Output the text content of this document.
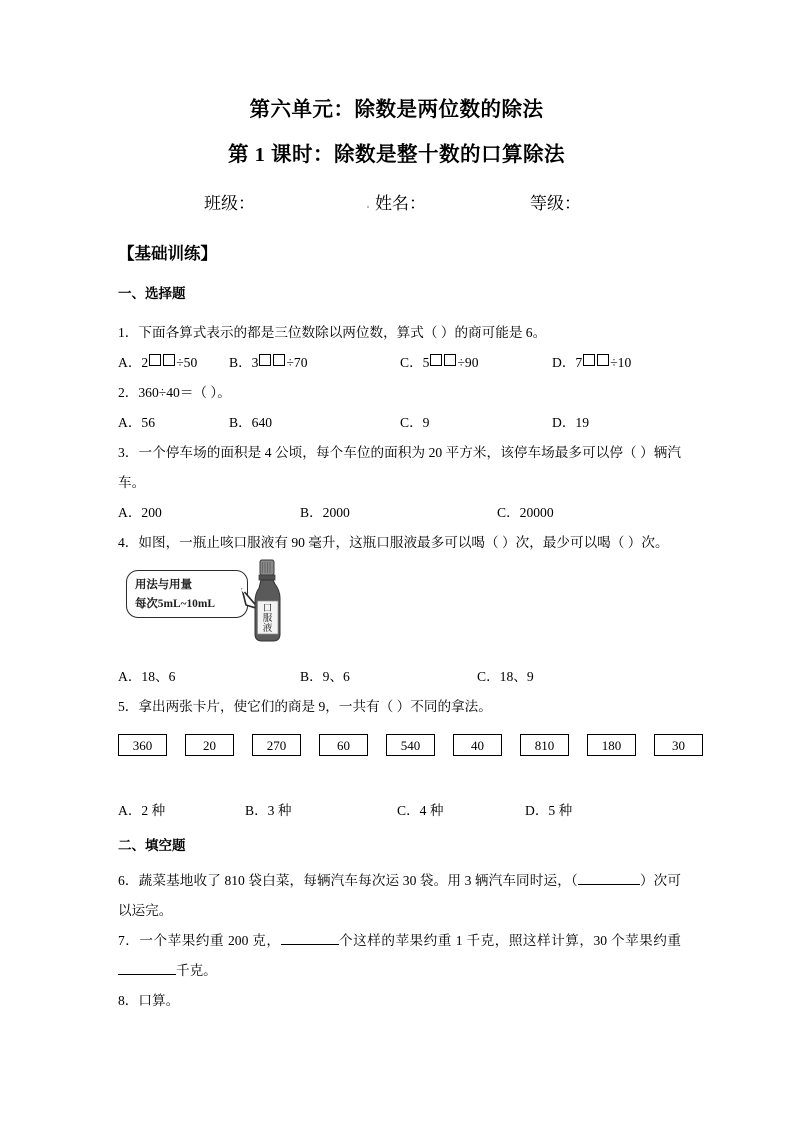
第六单元：除数是两位数的除法
第 1 课时：除数是整十数的口算除法
班级：	姓名：	等级：
【基础训练】
一、选择题
1．下面各算式表示的都是三位数除以两位数，算式（ ）的商可能是 6。
A．2 ÷50 B．3 ÷70	C．5 ÷90	D．7 ÷10
2．360÷40＝（ ）。
A．56	B．640	C．9	D．19
3．一个停车场的面积是 4 公顷，每个车位的面积为 20 平方米，该停车场最多可以停（ ）辆汽车。
A．200	B．2000	C．20000
4．如图，一瓶止咳口服液有 90 毫升，这瓶口服液最多可以喝（ ）次，最少可以喝（ ）次。
用法与用量
每次5mL~10mL	口
服
液
A．18、6	B．9、6	C．18、9
5．拿出两张卡片，使它们的商是 9，一共有（ ）不同的拿法。
360	20	270	60	540	40	810	180	30
A．2 种	B．3 种	C．4 种	D．5 种
二、填空题
6．蔬菜基地收了 810 袋白菜，每辆汽车每次运 30 袋。用 3 辆汽车同时运，（	）次可以运完。
7．一个苹果约重 200 克，	个这样的苹果约重 1 千克，照这样计算，30 个苹果约重千克。
8．口算。
